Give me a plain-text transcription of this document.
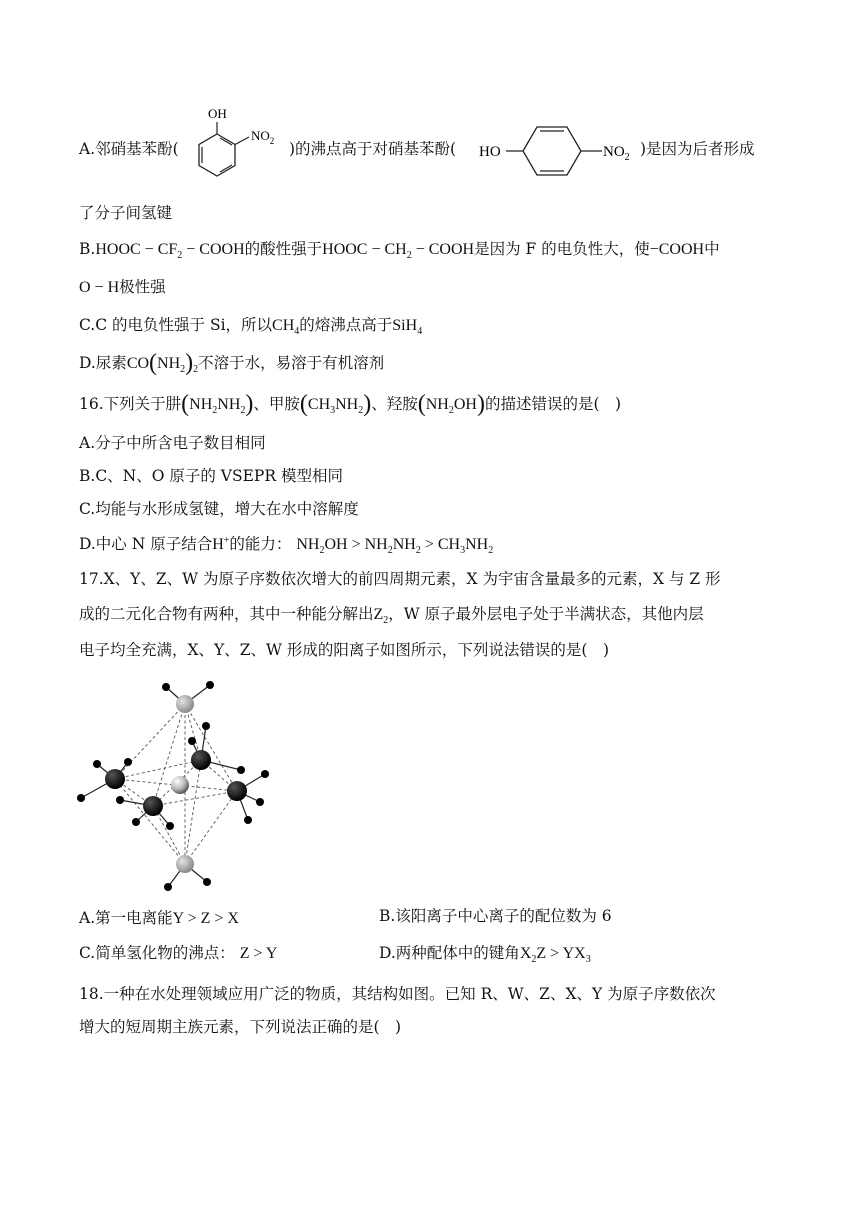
A.邻硝基苯酚(
OH
$NO_2$ )的沸点高于对硝基苯酚( HO	$NO_2$ )是因为后者形成
了分子间氢键
B.HOOC − $CF_2$ − COOH的酸性强于HOOC − $CH_2$ − COOH是因为 F 的电负性大，使−COOH中
O − H极性强
C.C 的电负性强于 Si，所以$CH_4$的熔沸点高于SiH$_4$
D.尿素$CO(NH_2)_2$不溶于水，易溶于有机溶剂
16.下列关于肼$(NH_2NH_2)$、甲胺$(CH_3NH_2)$、羟胺$(NH_2OH)$的描述错误的是(　)
A.分子中所含电子数目相同
B.C、N、O 原子的 VSEPR 模型相同
C.均能与水形成氢键，增大在水中溶解度
D.中心 N 原子结合H+的能力： $NH_2OH > NH_2NH_2 > CH_3NH_2$
17.X、Y、Z、W 为原子序数依次增大的前四周期元素，X 为宇宙含量最多的元素，X 与 Z 形
成的二元化合物有两种，其中一种能分解出$Z_2$，W 原子最外层电子处于半满状态，其他内层
电子均全充满，X、Y、Z、W 形成的阳离子如图所示，下列说法错误的是(　)
A.第一电离能Y > Z > X	B.该阳离子中心离子的配位数为 6
C.简单氢化物的沸点： Z > Y	D.两种配体中的键角$X_2Z > YX_3$
18.一种在水处理领域应用广泛的物质，其结构如图。已知 R、W、Z、X、Y 为原子序数依次
增大的短周期主族元素，下列说法正确的是(　)
